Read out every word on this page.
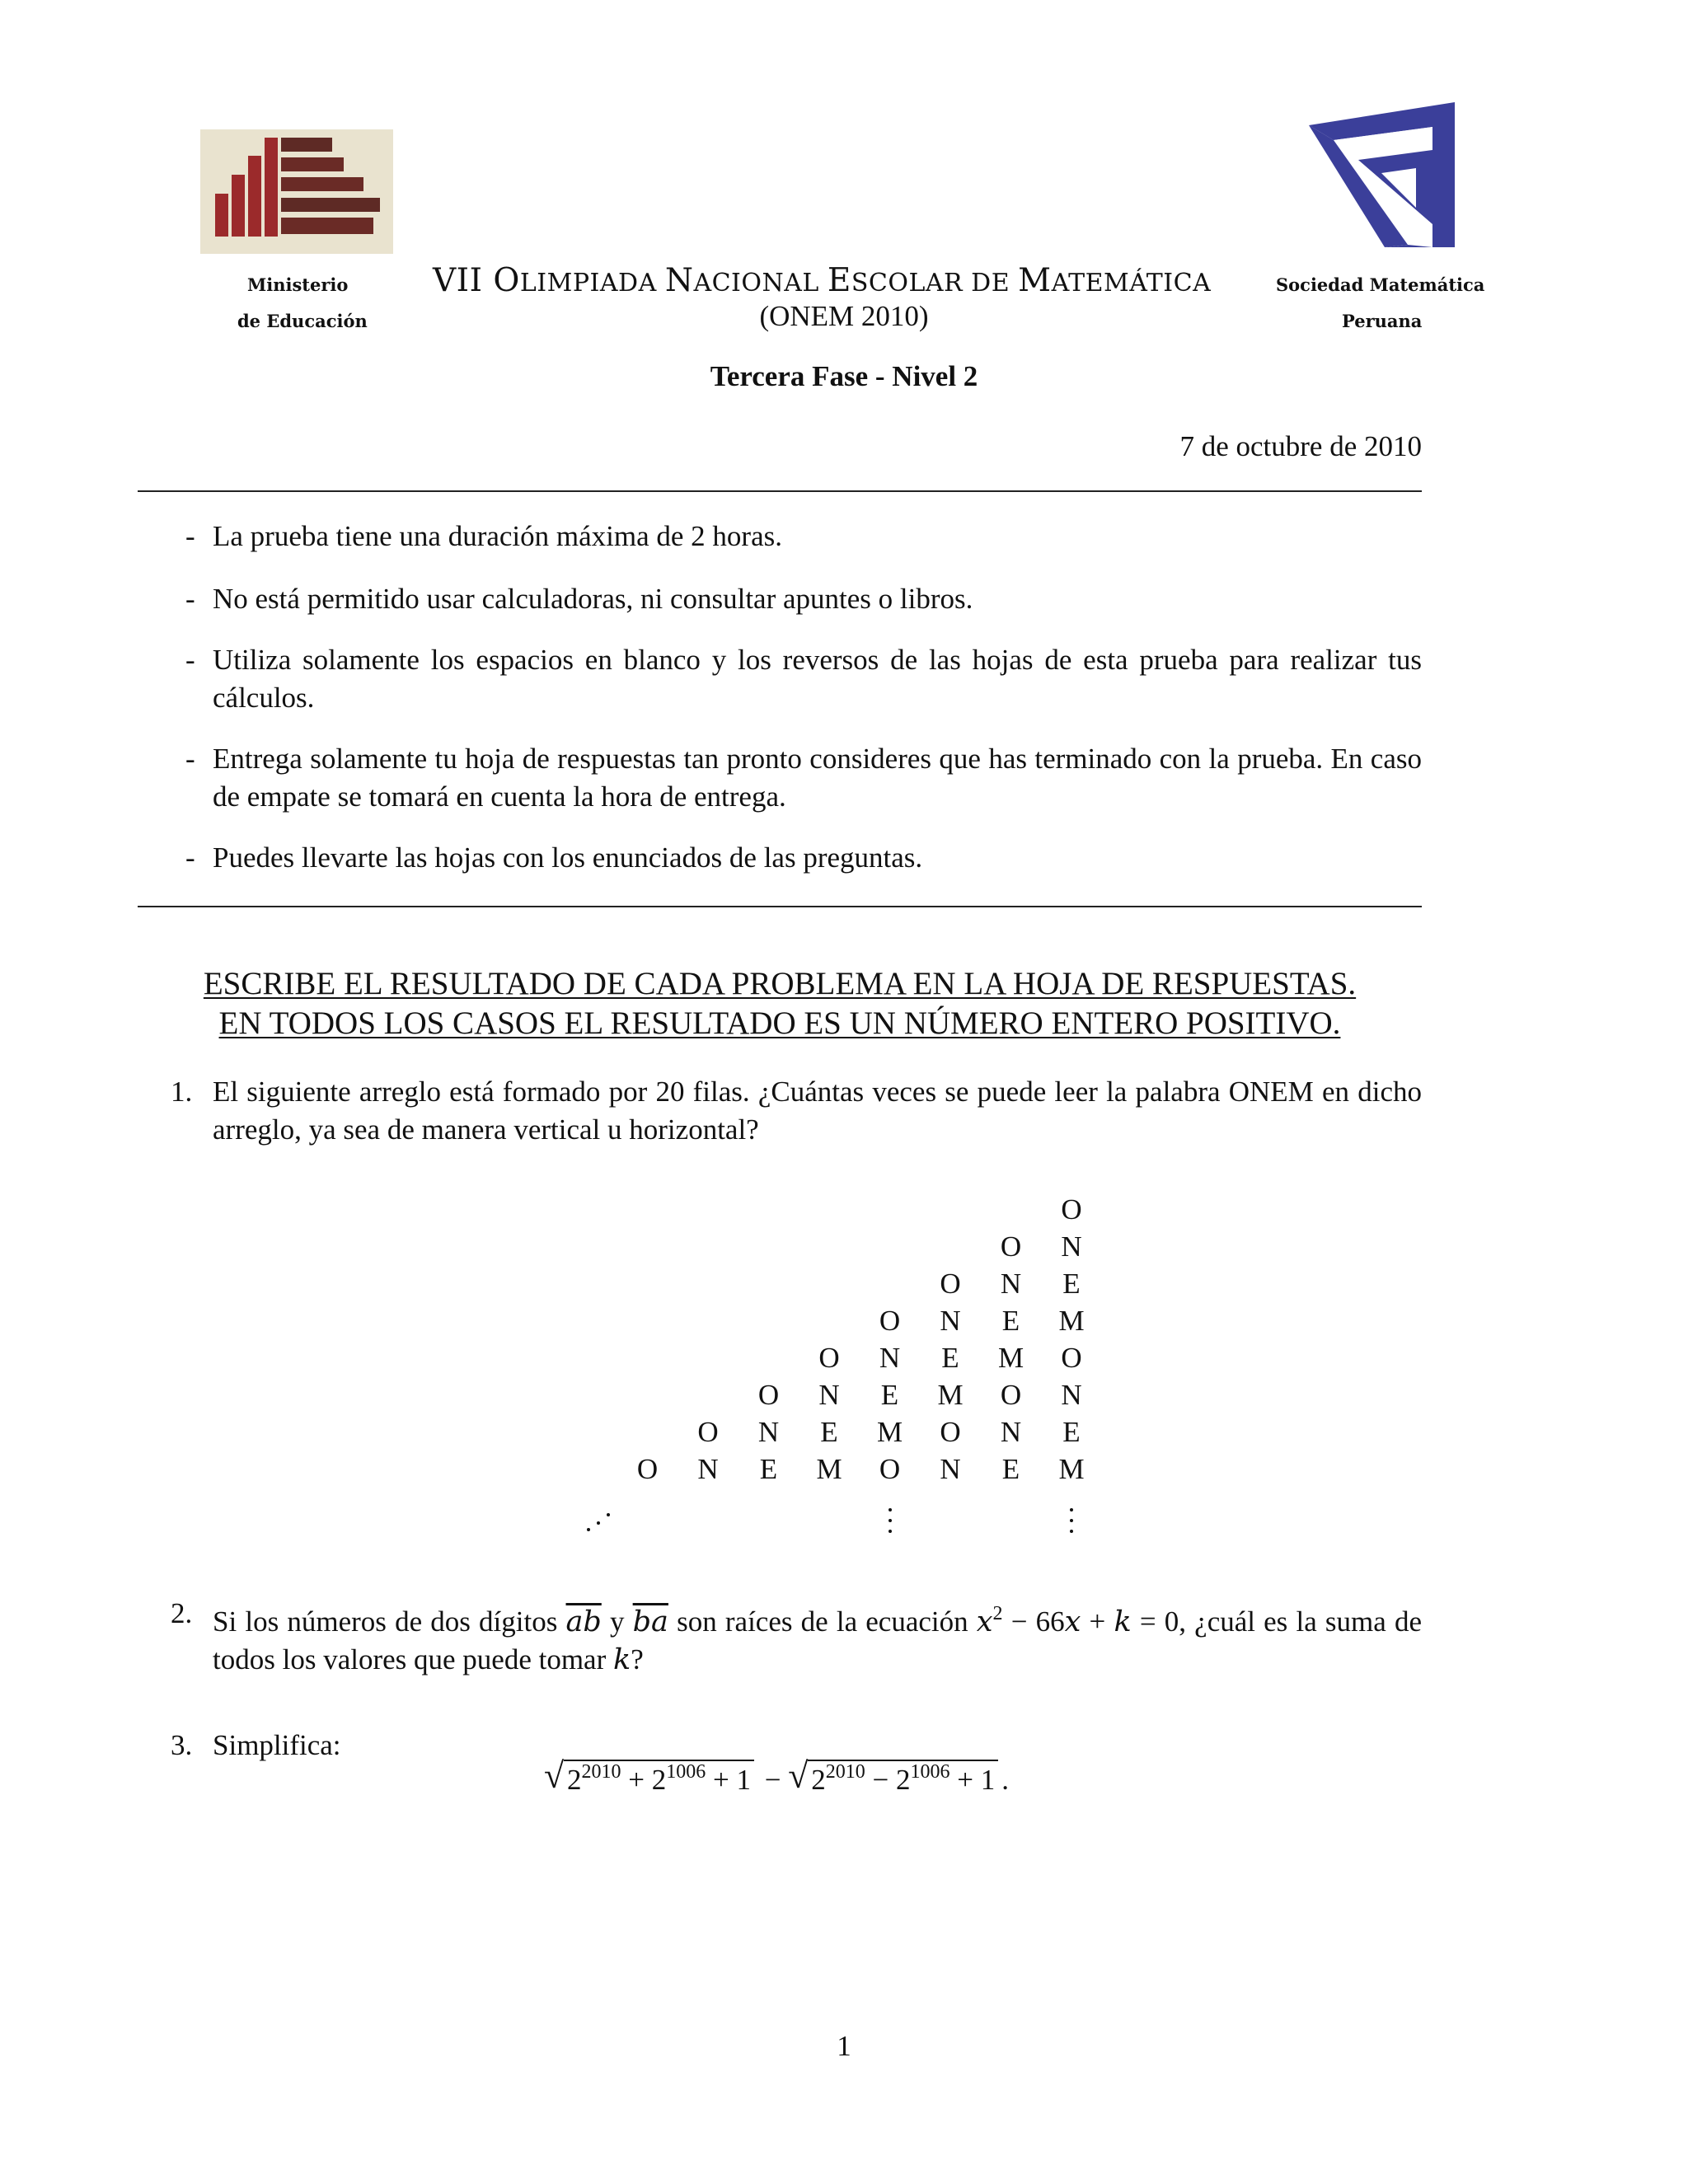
Ministerio
de Educación
VII OLIMPIADA NACIONAL ESCOLAR DE MATEMÁTICA
(ONEM 2010)
Sociedad Matemática
Peruana
Tercera Fase - Nivel 2
7 de octubre de 2010
- La prueba tiene una duración máxima de 2 horas.
- No está permitido usar calculadoras, ni consultar apuntes o libros.
- Utiliza solamente los espacios en blanco y los reversos de las hojas de esta prueba para realizar tus cálculos.
- Entrega solamente tu hoja de respuestas tan pronto consideres que has terminado con la prueba. En caso de empate se tomará en cuenta la hora de entrega.
- Puedes llevarte las hojas con los enunciados de las preguntas.
ESCRIBE EL RESULTADO DE CADA PROBLEMA EN LA HOJA DE RESPUESTAS.
EN TODOS LOS CASOS EL RESULTADO ES UN NÚMERO ENTERO POSITIVO.
1. El siguiente arreglo está formado por 20 filas. ¿Cuántas veces se puede leer la palabra ONEM en dicho arreglo, ya sea de manera vertical u horizontal?
O
O N
O N E
O N E M
O N E M O
O N E M O N
O N E M O N E
O N E M O N E M
2. Si los números de dos dígitos $\overline{ab}$ y $\overline{ba}$ son raíces de la ecuación $x^2 - 66x + k = 0$, ¿cuál es la suma de todos los valores que puede tomar k?
3. Simplifica:
√ $2^{2010} + 2^{1006} + 1$ − √ $2^{2010} - 2^{1006} + 1$ .
1
